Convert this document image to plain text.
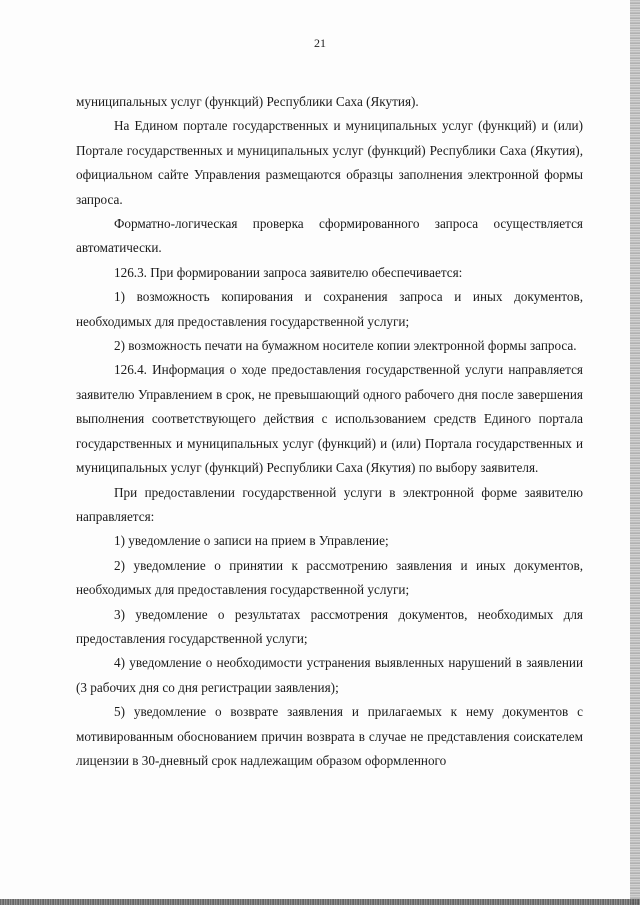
21

муниципальных услуг (функций) Республики Саха (Якутия).

На Едином портале государственных и муниципальных услуг (функций) и (или) Портале государственных и муниципальных услуг (функций) Республики Саха (Якутия), официальном сайте Управления размещаются образцы заполнения электронной формы запроса.

Форматно-логическая проверка сформированного запроса осуществляется автоматически.

126.3. При формировании запроса заявителю обеспечивается:

1) возможность копирования и сохранения запроса и иных документов, необходимых для предоставления государственной услуги;

2) возможность печати на бумажном носителе копии электронной формы запроса.

126.4. Информация о ходе предоставления государственной услуги направляется заявителю Управлением в срок, не превышающий одного рабочего дня после завершения выполнения соответствующего действия с использованием средств Единого портала государственных и муниципальных услуг (функций) и (или) Портала государственных и муниципальных услуг (функций) Республики Саха (Якутия) по выбору заявителя.

При предоставлении государственной услуги в электронной форме заявителю направляется:

1) уведомление о записи на прием в Управление;

2) уведомление о принятии к рассмотрению заявления и иных документов, необходимых для предоставления государственной услуги;

3) уведомление о результатах рассмотрения документов, необходимых для предоставления государственной услуги;

4) уведомление о необходимости устранения выявленных нарушений в заявлении (3 рабочих дня со дня регистрации заявления);

5) уведомление о возврате заявления и прилагаемых к нему документов с мотивированным обоснованием причин возврата в случае не представления соискателем лицензии в 30-дневный срок надлежащим образом оформленного
